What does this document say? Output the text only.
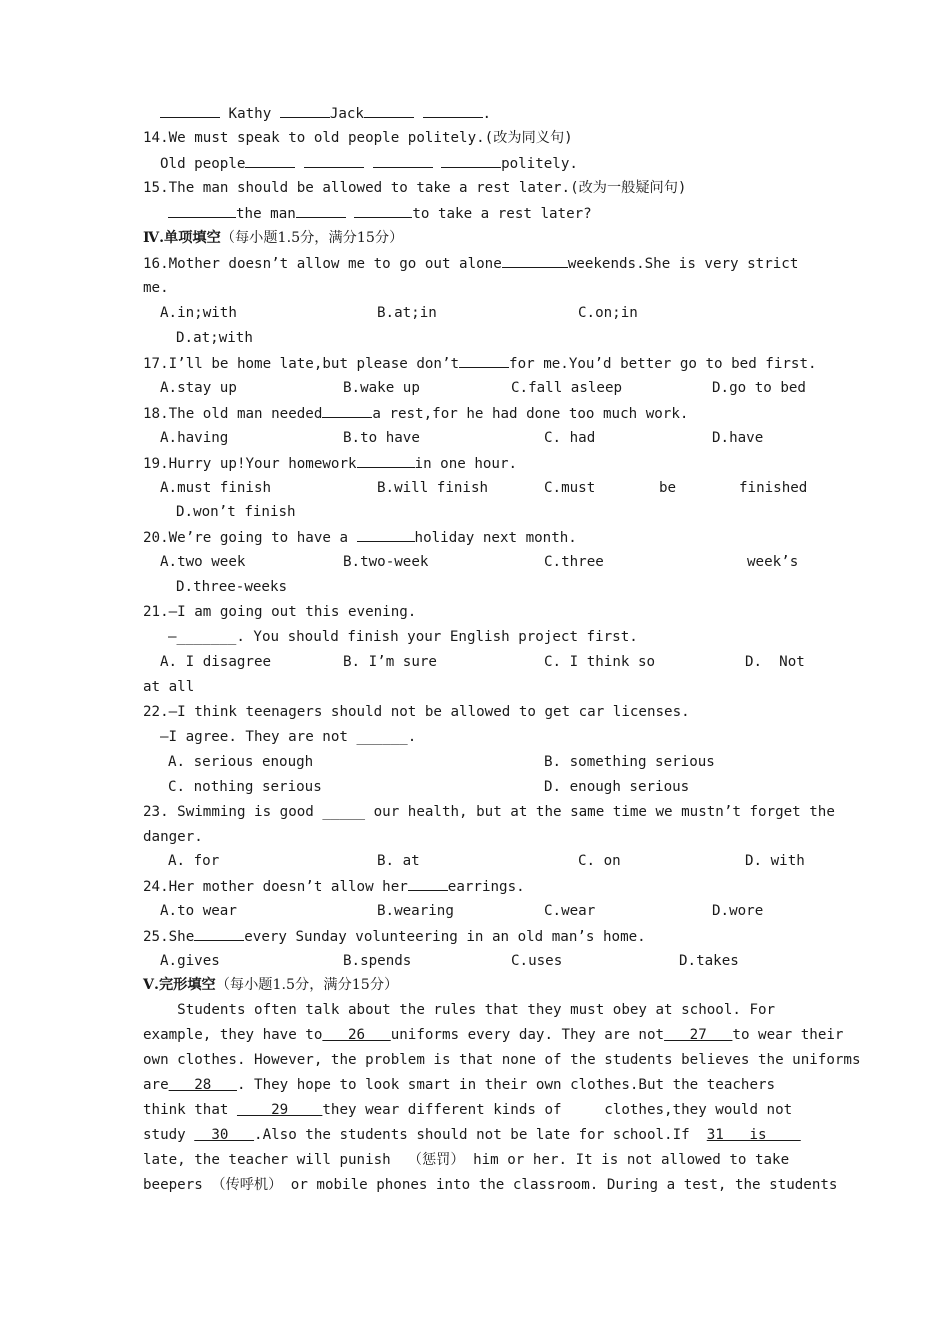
Kathy	Jack	.
14.We must speak to old people politely.(改为同义句)
Old people	politely.
15.The man should be allowed to take a rest later.(改为一般疑问句)
the man	to take a rest later?
Ⅳ.单项填空（每小题1.5分，满分15分）
16.Mother doesn’t allow me to go out alone	weekends.She is very strict
me.
A.in;with	B.at;in	C.on;in
D.at;with
17.I’ll be home late,but please don’t	for me.You’d better go to bed first.
A.stay up	B.wake up	C.fall asleep	D.go to bed
18.The old man needed	a rest,for he had done too much work.
A.having	B.to have	C. had	D.have
19.Hurry up!Your homework	in one hour.
A.must finish	B.will finish	C.must	be	finished
D.won’t finish
20.We’re going to have a	holiday next month.
A.two week	B.two-week	C.three	week’s
D.three-weeks
21.—I am going out this evening.
—_______. You should finish your English project first.
A. I disagree	B. I’m sure	C. I think so	D.  Not
at all
22.—I think teenagers should not be allowed to get car licenses.
—I agree. They are not ______.
A. serious enough	B. something serious
C. nothing serious	D. enough serious
23. Swimming is good _____ our health, but at the same time we mustn’t forget the
danger.
A. for	B. at	C. on	D. with
24.Her mother doesn’t allow her	earrings.
A.to wear	B.wearing	C.wear	D.wore
25.She	every Sunday volunteering in an old man’s home.
A.gives	B.spends	C.uses	D.takes
Ⅴ.完形填空（每小题1.5分，满分15分）
Students often talk about the rules that they must obey at school. For
example, they have to   26   uniforms every day. They are not   27   to wear their
own clothes. However, the problem is that none of the students believes the uniforms
are   28   . They hope to look smart in their own clothes.But the teachers
think that     29    they wear different kinds of     clothes,they would not
study   30   .Also the students should not be late for school.If  31   is
late, the teacher will punish  （惩罚） him or her. It is not allowed to take
beepers （传呼机） or mobile phones into the classroom. During a test, the students
